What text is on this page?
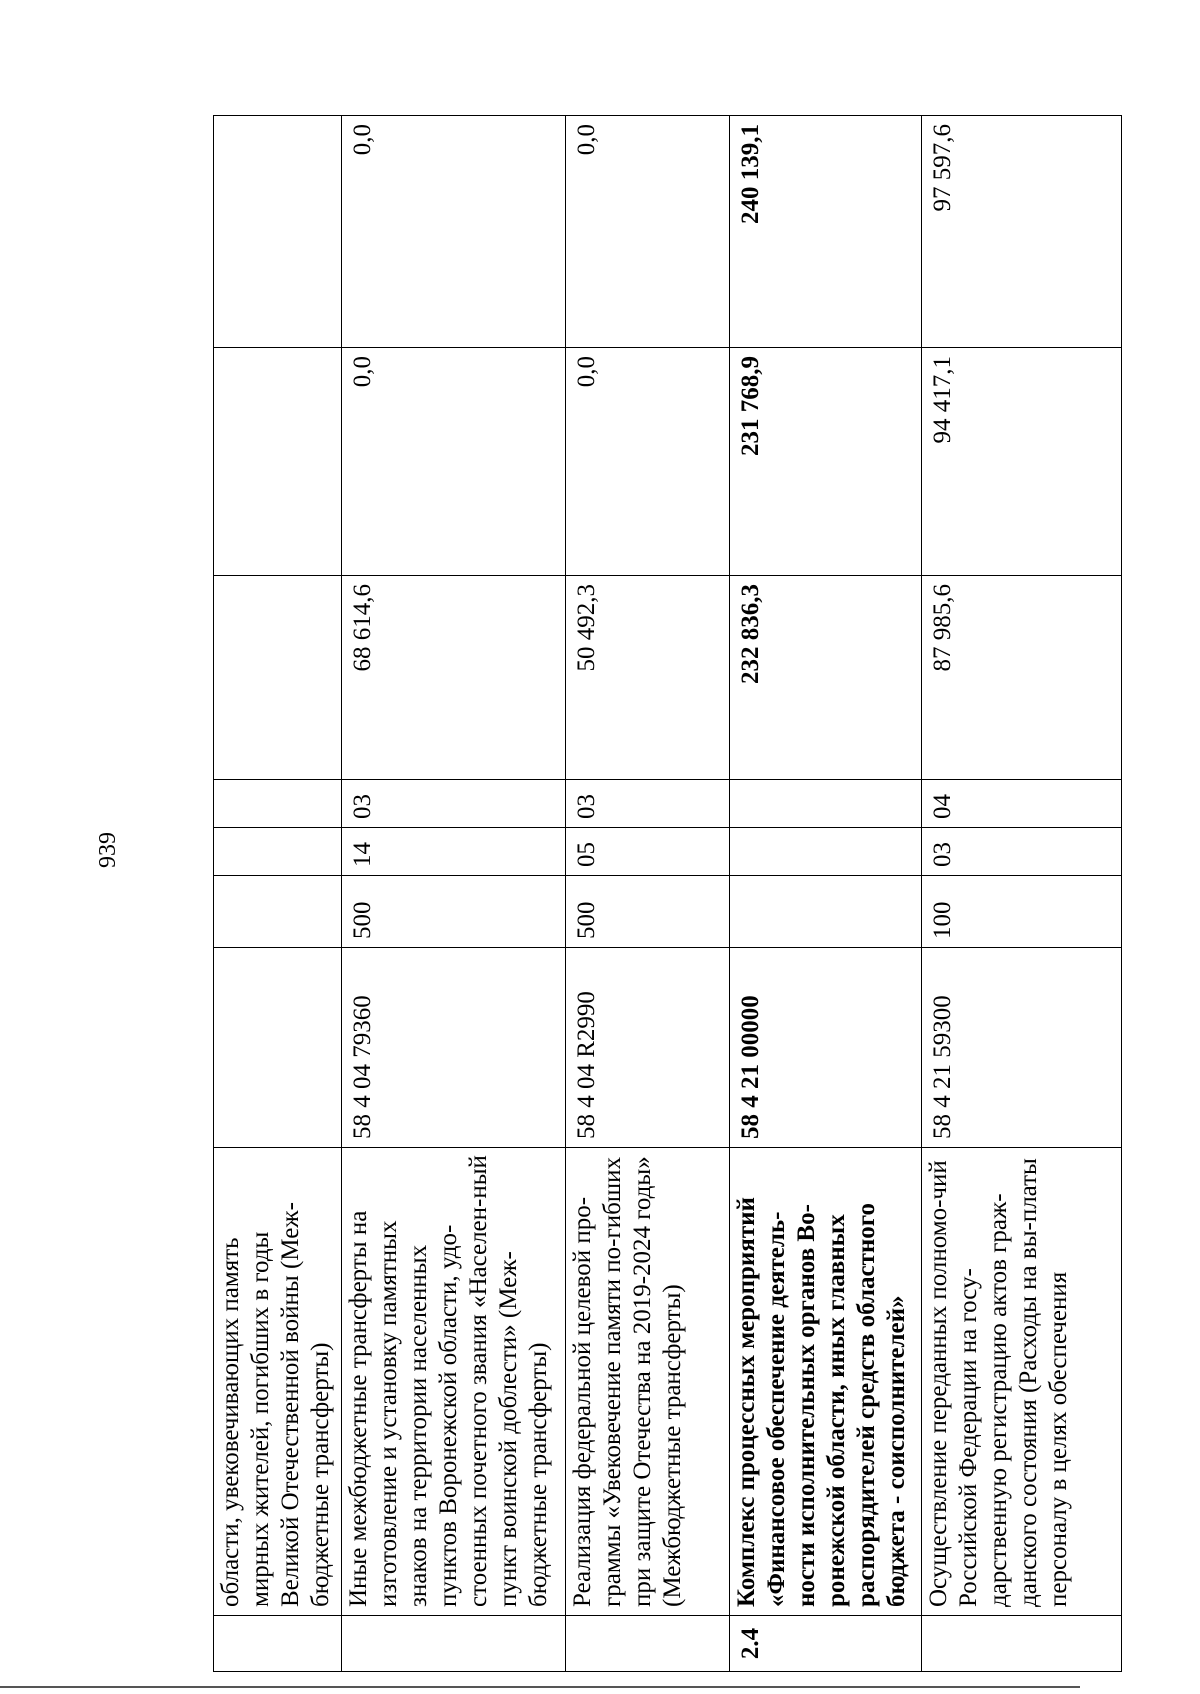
939
	области, увековечивающих память мирных жителей, погибших в годы Великой Отечественной войны (Меж-бюджетные трансферты)							
	Иные межбюджетные трансферты на изготовление и установку памятных знаков на территории населенных пунктов Воронежской области, удо-стоенных почетного звания «Населен-ный пункт воинской доблести» (Меж-бюджетные трансферты)	58 4 04 79360	500	14	03	68 614,6	0,0	0,0
	Реализация федеральной целевой про-граммы «Увековечение памяти по-гибших при защите Отечества на 2019-2024 годы» (Межбюджетные трансферты)	58 4 04 R2990	500	05	03	50 492,3	0,0	0,0
2.4	Комплекс процессных мероприятий «Финансовое обеспечение деятель-ности исполнительных органов Во-ронежской области, иных главных распорядителей средств областного бюджета - соисполнителей»	58 4 21 00000				232 836,3	231 768,9	240 139,1
	Осуществление переданных полномо-чий Российской Федерации на госу-дарственную регистрацию актов граж-данского состояния (Расходы на вы-платы персоналу в целях обеспечения	58 4 21 59300	100	03	04	87 985,6	94 417,1	97 597,6
